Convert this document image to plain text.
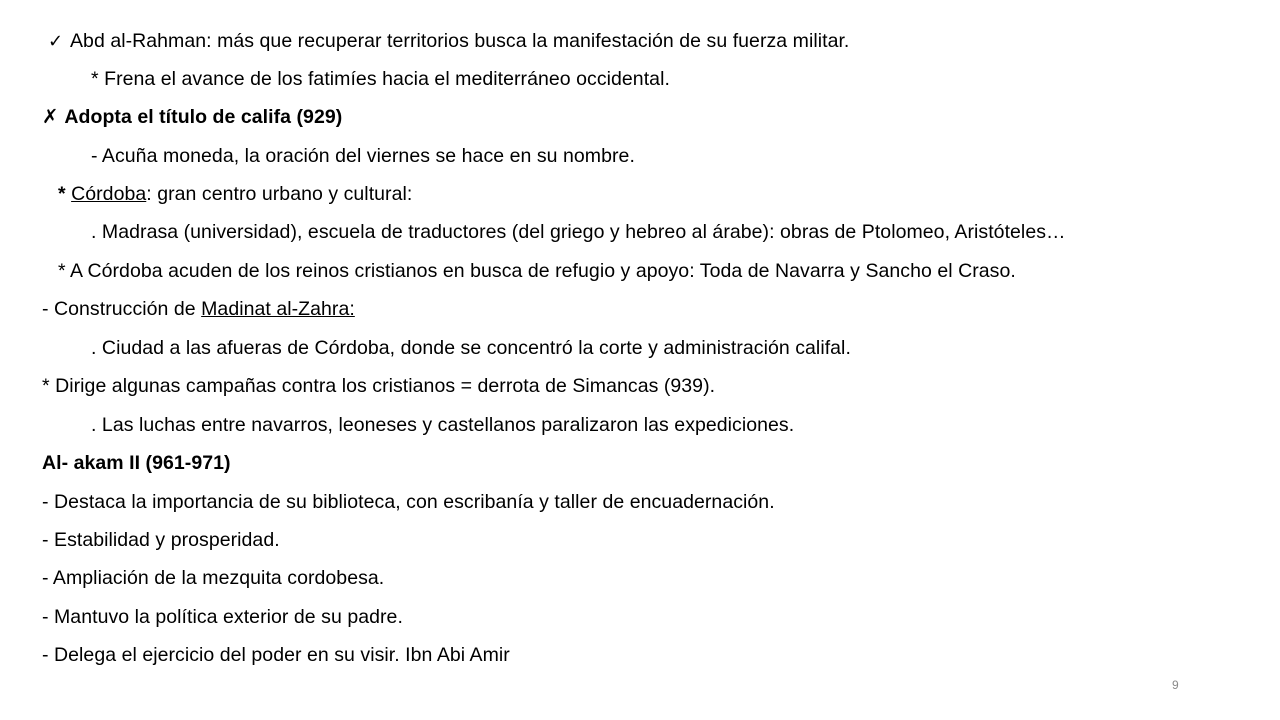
✓ Abd al-Rahman: más que recuperar territorios busca la manifestación de su fuerza militar.
* Frena el avance de los fatimíes hacia el mediterráneo occidental.
✗ Adopta el título de califa (929)
- Acuña moneda, la oración del viernes se hace en su nombre.
* Córdoba: gran centro urbano y cultural:
. Madrasa (universidad), escuela de traductores (del griego y hebreo al árabe): obras de Ptolomeo, Aristóteles…
* A Córdoba acuden de los reinos cristianos en busca de refugio y apoyo: Toda de Navarra y Sancho el Craso.
- Construcción de Madinat al-Zahra:
. Ciudad a las afueras de Córdoba, donde se concentró la corte y administración califal.
* Dirige algunas campañas contra los cristianos = derrota de Simancas (939).
. Las luchas entre navarros, leoneses y castellanos paralizaron las expediciones.
Al- akam II (961-971)
- Destaca la importancia de su biblioteca, con escribanía y taller de encuadernación.
- Estabilidad y prosperidad.
- Ampliación de la mezquita cordobesa.
- Mantuvo la política exterior de su padre.
- Delega el ejercicio del poder en su visir. Ibn Abi Amir
9
